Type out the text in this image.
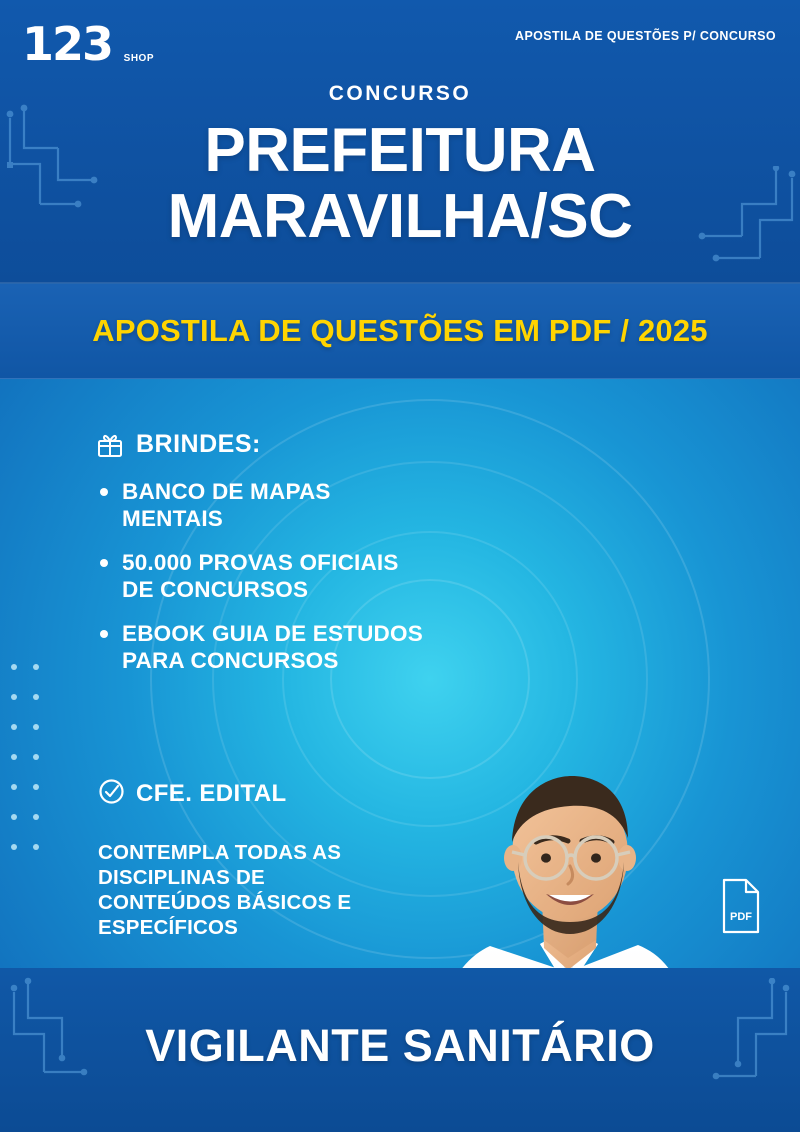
123	SHOP
APOSTILA DE QUESTÕES P/ CONCURSO
CONCURSO
PREFEITURA
MARAVILHA/SC
APOSTILA DE QUESTÕES EM PDF / 2025
BRINDES:
BANCO DE MAPAS MENTAIS
50.000 PROVAS OFICIAIS DE CONCURSOS
EBOOK GUIA DE ESTUDOS PARA CONCURSOS
CFE. EDITAL
CONTEMPLA TODAS AS DISCIPLINAS DE CONTEÚDOS BÁSICOS E ESPECÍFICOS	PDF
VIGILANTE SANITÁRIO
